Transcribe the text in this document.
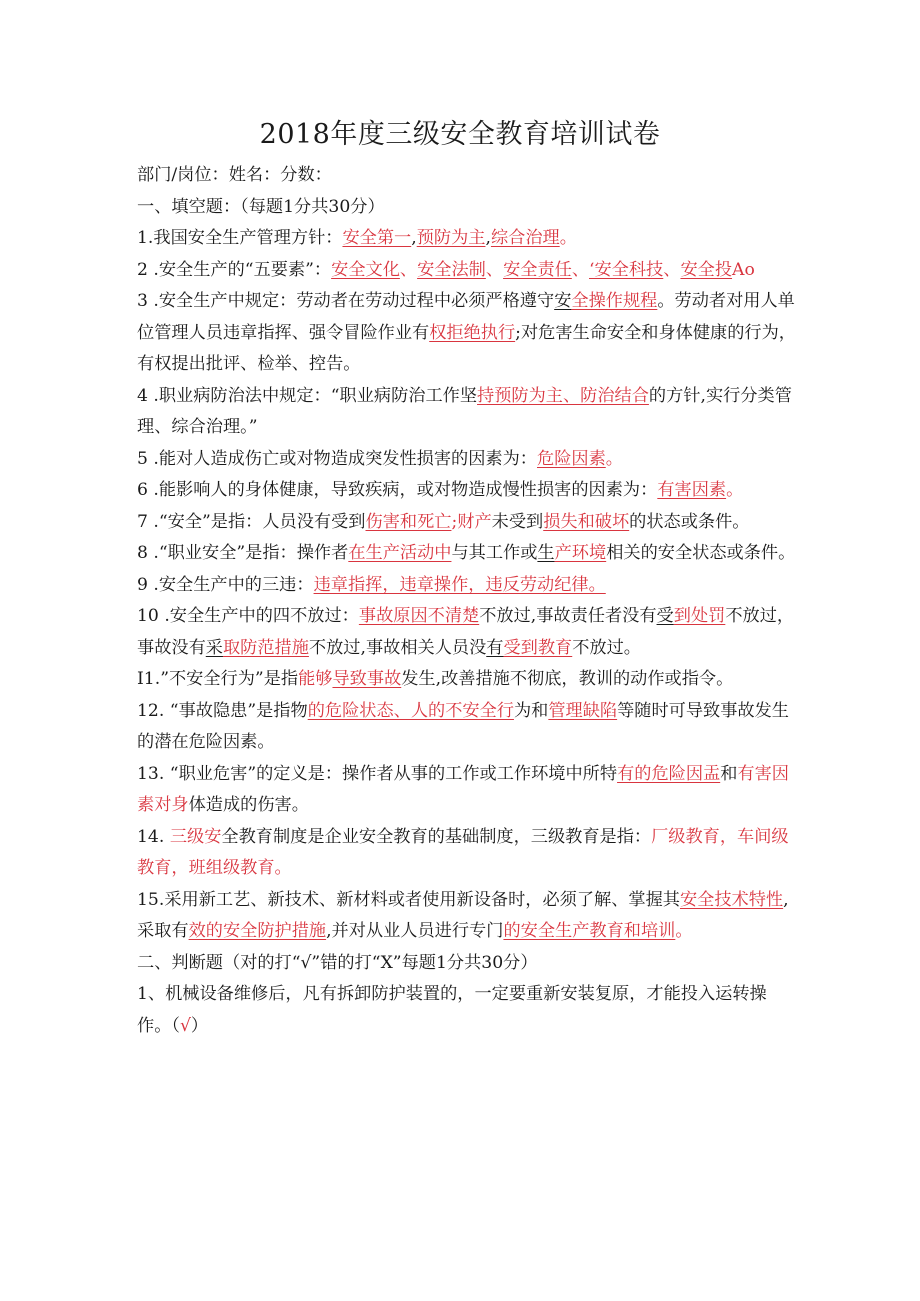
2018年度三级安全教育培训试卷

部门/岗位：姓名：分数：

一、填空题：（每题1分共30分）

1.我国安全生产管理方针：安全第一,预防为主,综合治理。

2 .安全生产的“五要素”：安全文化、安全法制、安全责任、‘安全科技、安全投Ao

3 .安全生产中规定：劳动者在劳动过程中必须严格遵守安全操作规程。劳动者对用人单位管理人员违章指挥、强令冒险作业有权拒绝执行;对危害生命安全和身体健康的行为，有权提出批评、检举、控告。

4 .职业病防治法中规定：“职业病防治工作坚持预防为主、防治结合的方针,实行分类管理、综合治理。”

5 .能对人造成伤亡或对物造成突发性损害的因素为：危险因素。

6 .能影响人的身体健康，导致疾病，或对物造成慢性损害的因素为：有害因素。

7 .“安全”是指：人员没有受到伤害和死亡;财产未受到损失和破坏的状态或条件。

8 .“职业安全”是指：操作者在生产活动中与其工作或生产环境相关的安全状态或条件。

9 .安全生产中的三违：违章指挥，违章操作，违反劳动纪律。

10 .安全生产中的四不放过：事故原因不清楚不放过,事故责任者没有受到处罚不放过，事故没有采取防范措施不放过,事故相关人员没有受到教育不放过。

I1.”不安全行为”是指能够导致事故发生,改善措施不彻底，教训的动作或指令。

12. “事故隐患”是指物的危险状态、人的不安全行为和管理缺陷等随时可导致事故发生的潜在危险因素。

13. “职业危害”的定义是：操作者从事的工作或工作环境中所特有的危险因盂和有害因素对身体造成的伤害。

14. 三级安全教育制度是企业安全教育的基础制度，三级教育是指：厂级教育，车间级教育，班组级教育。

15.采用新工艺、新技术、新材料或者使用新设备时，必须了解、掌握其安全技术特性,采取有效的安全防护措施,并对从业人员进行专门的安全生产教育和培训。

二、判断题（对的打“√”错的打“X”每题1分共30分）

1、机械设备维修后，凡有拆卸防护装置的，一定要重新安装复原，才能投入运转操作。（√）
